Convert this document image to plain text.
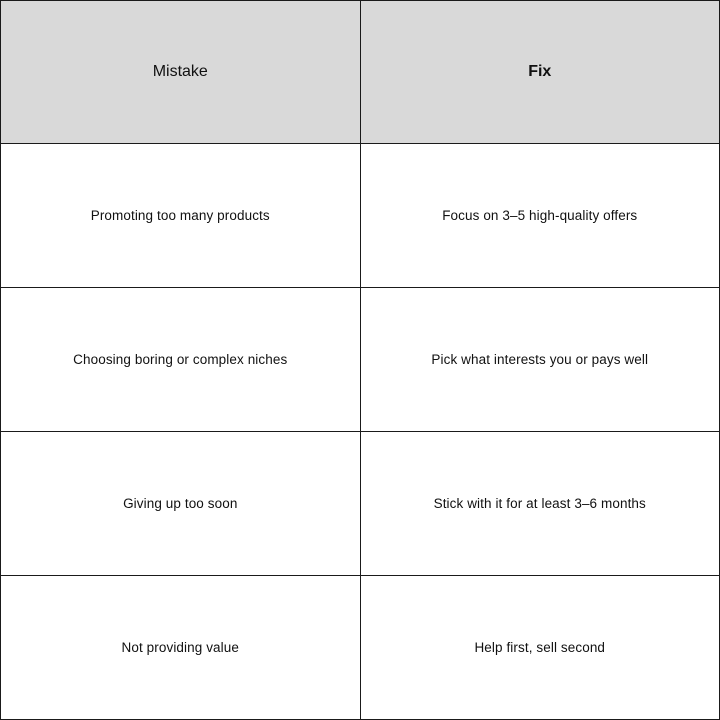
Mistake	Fix
Promoting too many products	Focus on 3–5 high-quality offers
Choosing boring or complex niches	Pick what interests you or pays well
Giving up too soon	Stick with it for at least 3–6 months
Not providing value	Help first, sell second
